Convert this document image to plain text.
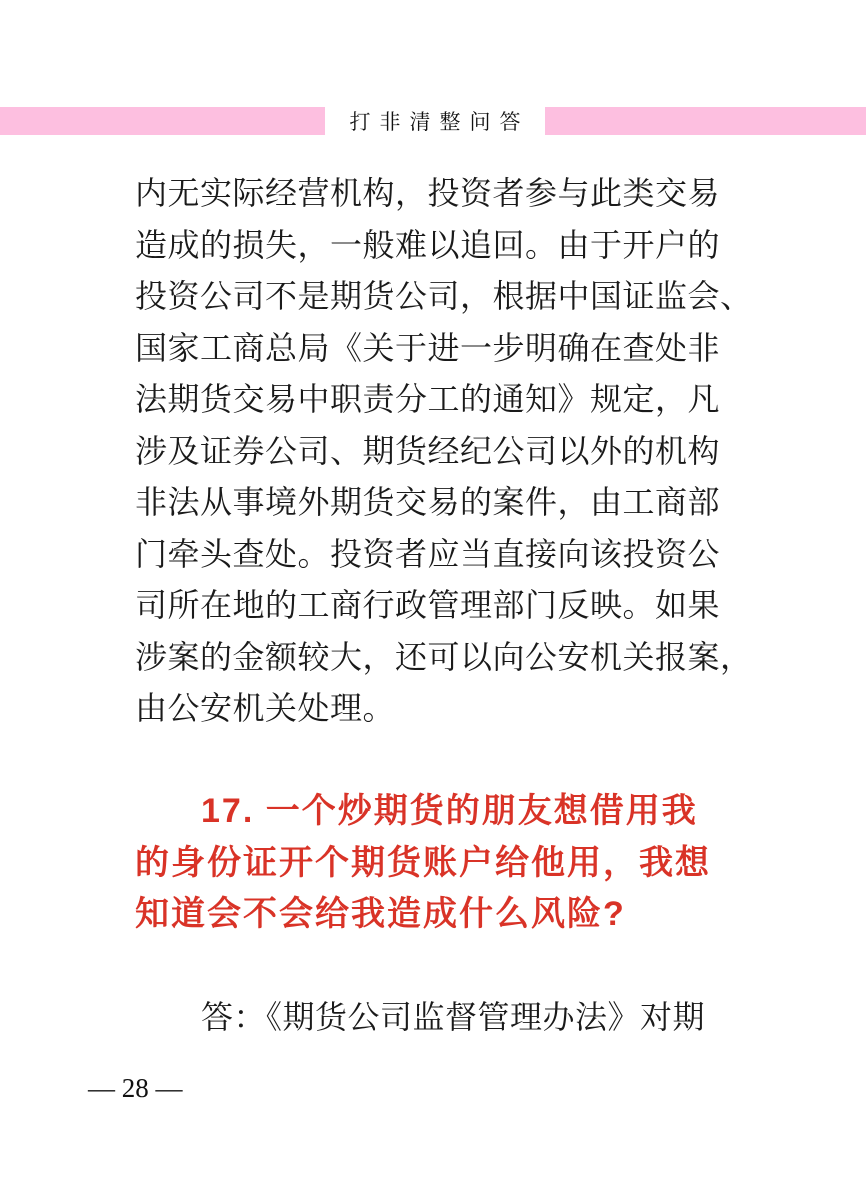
打非清整问答
内无实际经营机构，投资者参与此类交易
造成的损失，一般难以追回。由于开户的
投资公司不是期货公司，根据中国证监会、
国家工商总局《关于进一步明确在查处非
法期货交易中职责分工的通知》规定，凡
涉及证券公司、期货经纪公司以外的机构
非法从事境外期货交易的案件，由工商部
门牵头查处。投资者应当直接向该投资公
司所在地的工商行政管理部门反映。如果
涉案的金额较大，还可以向公安机关报案，
由公安机关处理。
17. 一个炒期货的朋友想借用我
的身份证开个期货账户给他用，我想
知道会不会给我造成什么风险?
答：《期货公司监督管理办法》对期
— 28 —
